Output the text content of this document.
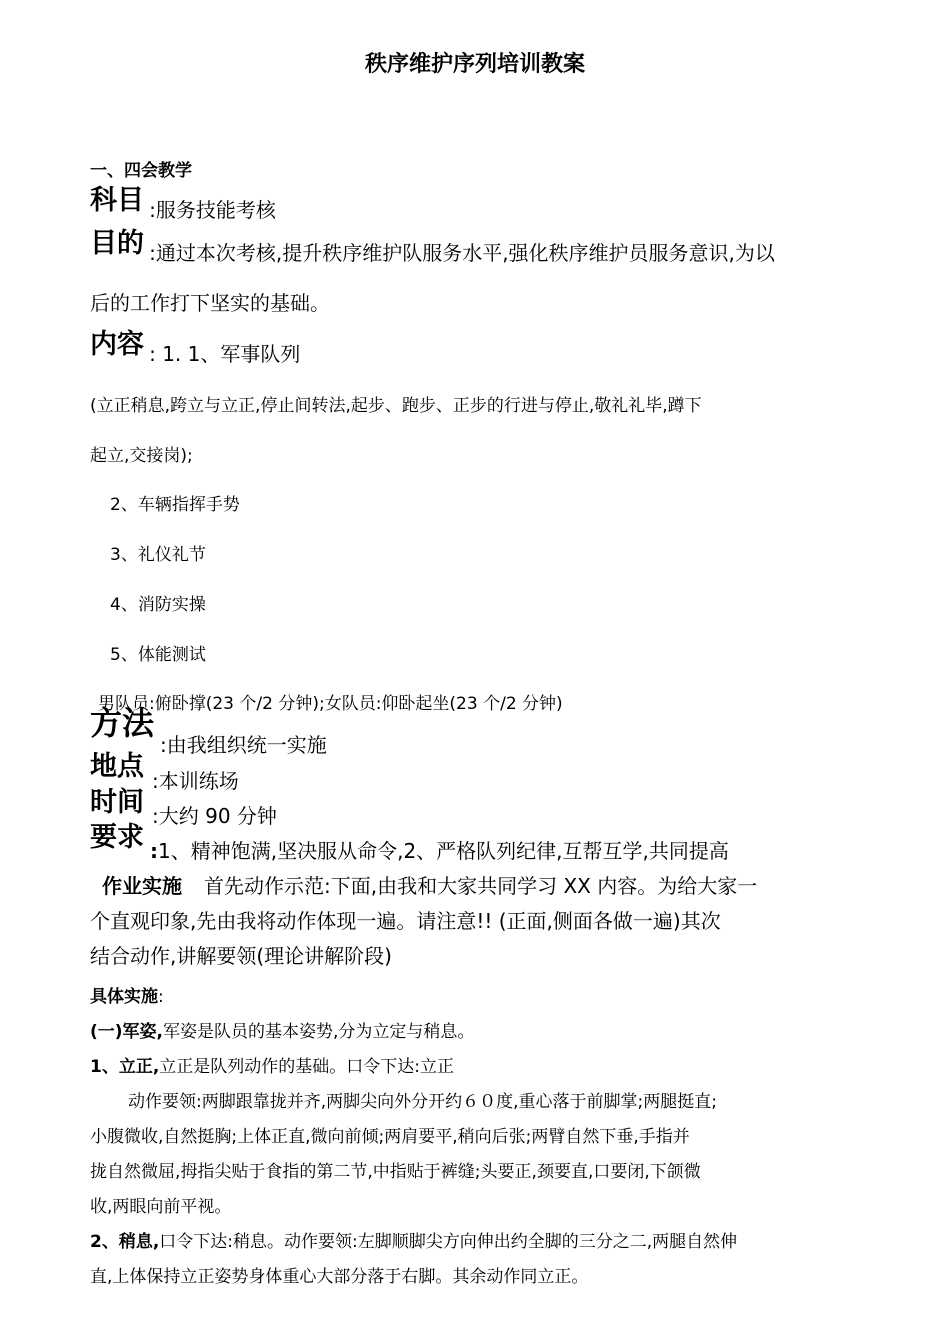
秩序维护序列培训教案
一、四会教学
科目 :服务技能考核
目的 :通过本次考核,提升秩序维护队服务水平,强化秩序维护员服务意识,为以
后的工作打下坚实的基础。
内容 : 1. 1、军事队列
(立正稍息,跨立与立正,停止间转法,起步、跑步、正步的行进与停止,敬礼礼毕,蹲下
起立,交接岗);
2、车辆指挥手势
3、礼仪礼节
4、消防实操
5、体能测试
男队员:俯卧撑(23 个/2 分钟);女队员:仰卧起坐(23 个/2 分钟)
方法
:由我组织统一实施
地点 :本训练场
时间 :大约 90 分钟
要求 :1、精神饱满,坚决服从命令,2、严格队列纪律,互帮互学,共同提高
作业实施 首先动作示范:下面,由我和大家共同学习 XX 内容。为给大家一
个直观印象,先由我将动作体现一遍。请注意!! (正面,侧面各做一遍)其次
结合动作,讲解要领(理论讲解阶段)
具体实施:
(一)军姿,军姿是队员的基本姿势,分为立定与稍息。
1、立正,立正是队列动作的基础。口令下达:立正
动作要领:两脚跟靠拢并齐,两脚尖向外分开约６０度,重心落于前脚掌;两腿挺直;
小腹微收,自然挺胸;上体正直,微向前倾;两肩要平,稍向后张;两臂自然下垂,手指并
拢自然微屈,拇指尖贴于食指的第二节,中指贴于裤缝;头要正,颈要直,口要闭,下颌微
收,两眼向前平视。
2、稍息,口令下达:稍息。动作要领:左脚顺脚尖方向伸出约全脚的三分之二,两腿自然伸
直,上体保持立正姿势身体重心大部分落于右脚。其余动作同立正。
